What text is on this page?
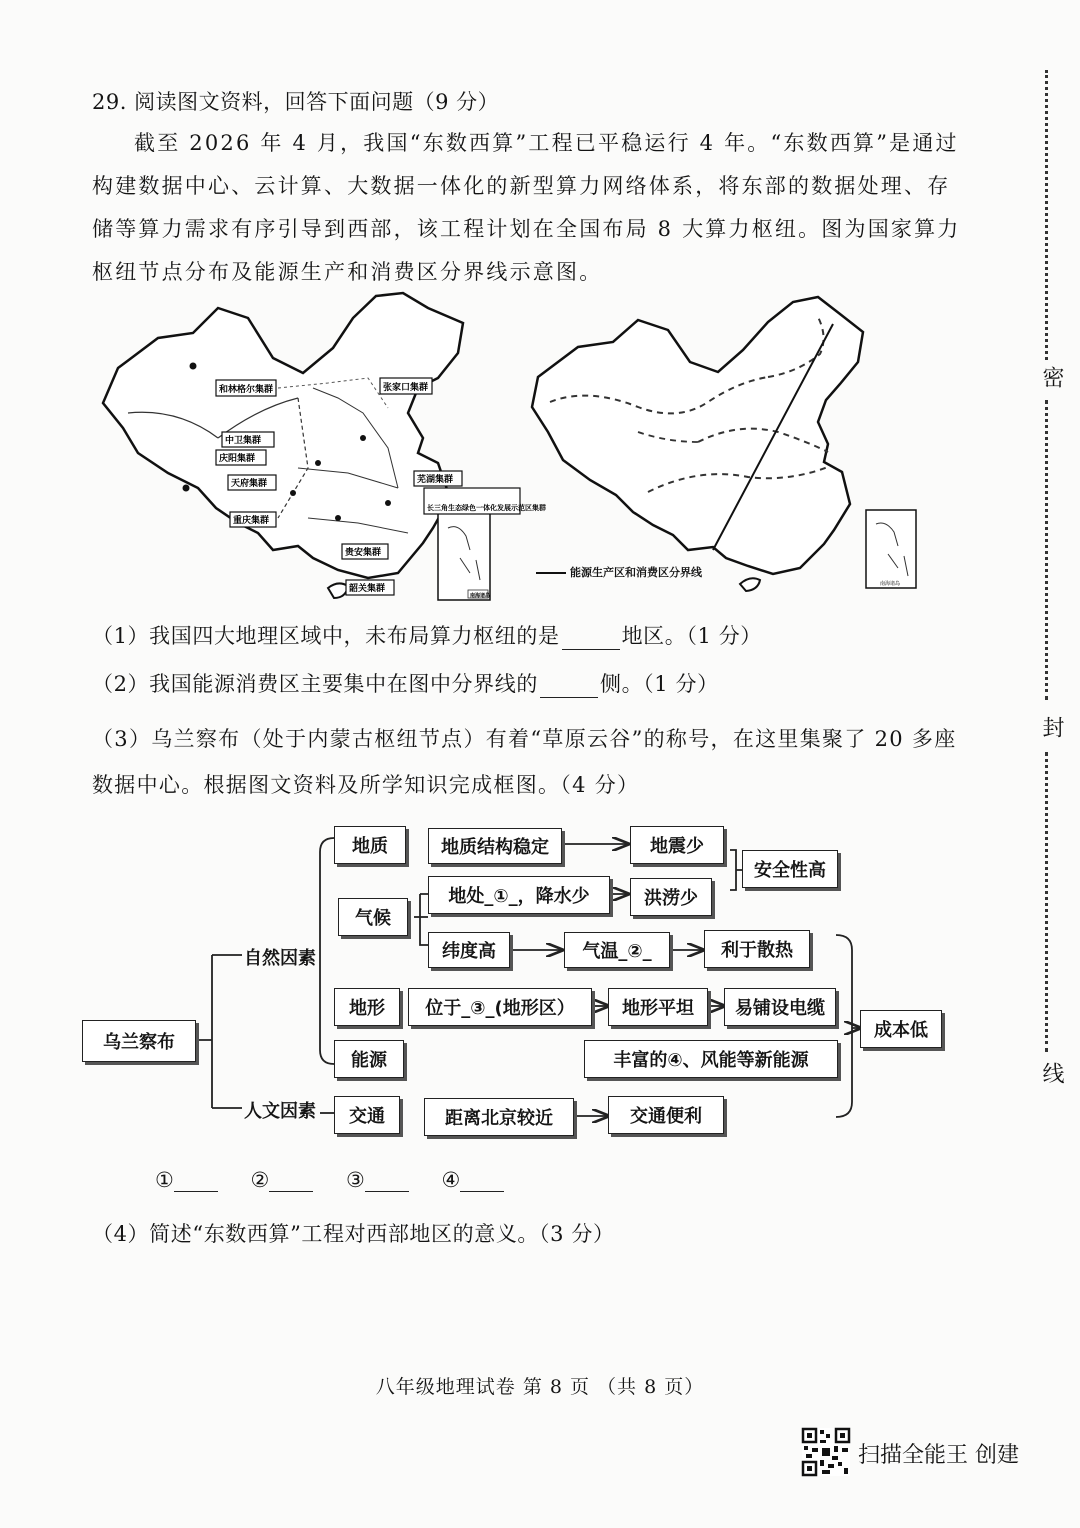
密
封
线
29. 阅读图文资料，回答下面问题（9 分）
截至 2026 年 4 月，我国“东数西算”工程已平稳运行 4 年。“东数西算”是通过构建数据中心、云计算、大数据一体化的新型算力网络体系，将东部的数据处理、存储等算力需求有序引导到西部，该工程计划在全国布局 8 大算力枢纽。图为国家算力枢纽节点分布及能源生产和消费区分界线示意图。
和林格尔集群	张家口集群
中卫集群
芜湖集群
庆阳集群
天府集群
长三角生态绿色一体化发展示范区集群
重庆集群
韶关集群
贵安集群
南海诸岛
南海诸岛
能源生产区和消费区分界线
（1）我国四大地理区域中，未布局算力枢纽的是	地区。（1 分）
（2）我国能源消费区主要集中在图中分界线的	侧。（1 分）
（3）乌兰察布（处于内蒙古枢纽节点）有着“草原云谷”的称号，在这里集聚了 20 多座数据中心。根据图文资料及所学知识完成框图。（4 分）
乌兰察布
自然因素
人文因素
地质
气候
地形
能源
交通
地质结构稳定	地震少
安全性高
地处_①_，降水少	洪涝少
纬度高	气温_②_	利于散热
位于_③_(地形区）	地形平坦	易铺设电缆
丰富的④、风能等新能源
成本低
距离北京较近	交通便利
①	②	③	④
（4）简述“东数西算”工程对西部地区的意义。（3 分）
八年级地理试卷 第 8 页 （共 8 页）
扫描全能王 创建
